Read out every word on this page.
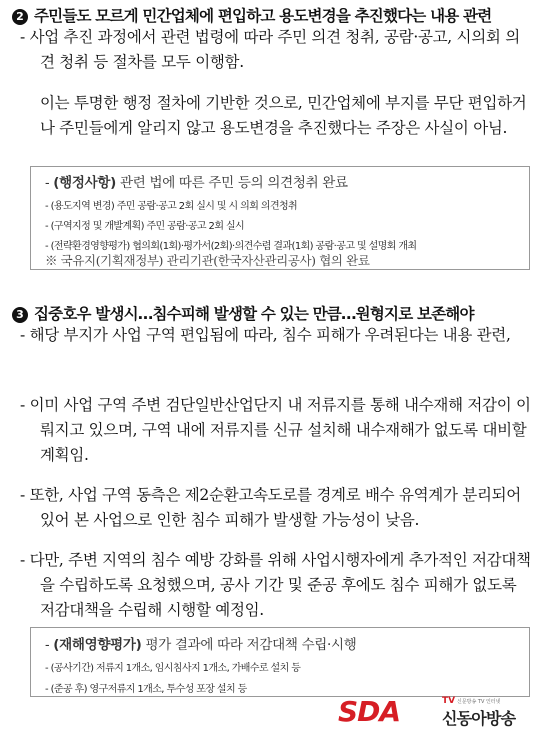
2 주민들도 모르게 민간업체에 편입하고 용도변경을 추진했다는 내용 관련
- 사업 추진 과정에서 관련 법령에 따라 주민 의견 청취, 공람·공고, 시의회 의견 청취 등 절차를 모두 이행함.
이는 투명한 행정 절차에 기반한 것으로, 민간업체에 부지를 무단 편입하거나 주민들에게 알리지 않고 용도변경을 추진했다는 주장은 사실이 아님.
- (행정사항) 관련 법에 따른 주민 등의 의견청취 완료
- (용도지역 변경) 주민 공람·공고 2회 실시 및 시 의회 의견청취
- (구역지정 및 개발계획) 주민 공람·공고 2회 실시
- (전략환경영향평가) 협의회(1회)·평가서(2회)·의견수렴 결과(1회) 공람·공고 및 설명회 개최
※ 국유지(기획재정부) 관리기관(한국자산관리공사) 협의 완료
3 집중호우 발생시…침수피해 발생할 수 있는 만큼…원형지로 보존해야
- 해당 부지가 사업 구역 편입됨에 따라, 침수 피해가 우려된다는 내용 관련,
- 이미 사업 구역 주변 검단일반산업단지 내 저류지를 통해 내수재해 저감이 이뤄지고 있으며, 구역 내에 저류지를 신규 설치해 내수재해가 없도록 대비할 계획임.
- 또한, 사업 구역 동측은 제2순환고속도로를 경계로 배수 유역계가 분리되어 있어 본 사업으로 인한 침수 피해가 발생할 가능성이 낮음.
- 다만, 주변 지역의 침수 예방 강화를 위해 사업시행자에게 추가적인 저감대책을 수립하도록 요청했으며, 공사 기간 및 준공 후에도 침수 피해가 없도록 저감대책을 수립해 시행할 예정임.
- (재해영향평가) 평가 결과에 따라 저감대책 수립·시행
- (공사기간) 저류지 1개소, 임시침사지 1개소, 가배수로 설치 등
- (준공 후) 영구저류지 1개소, 투수성 포장 설치 등
SDA	TV 신문방송 TV 인터넷
신동아방송
